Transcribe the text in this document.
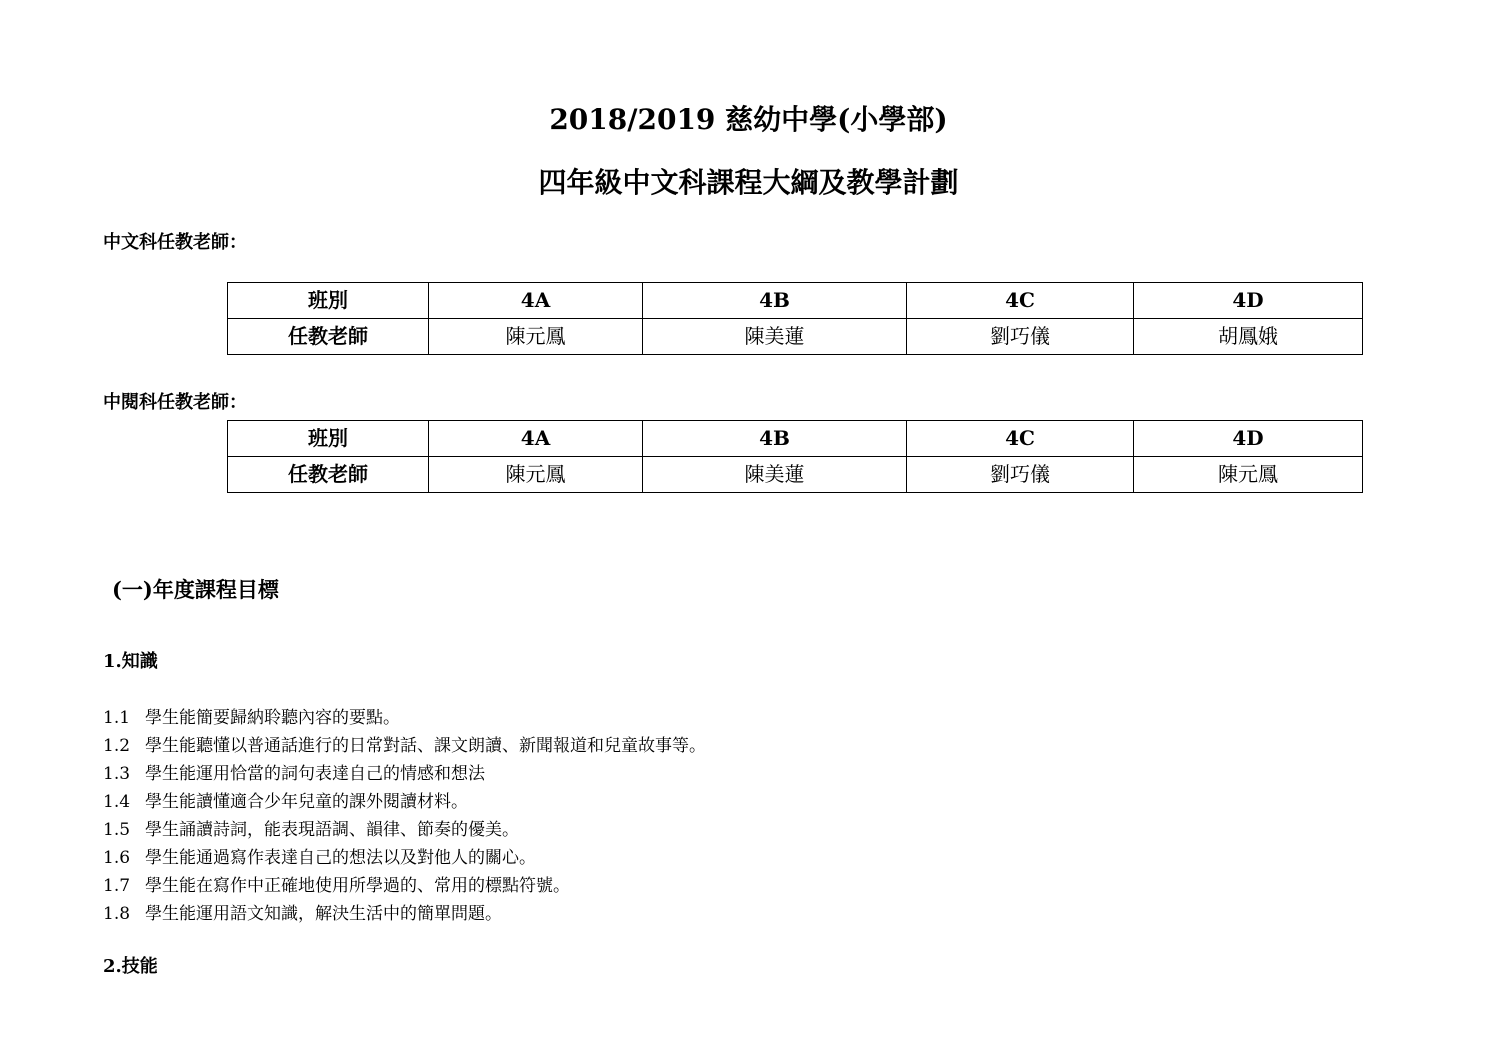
2018/2019 慈幼中學(小學部)
四年級中文科課程大綱及教學計劃

中文科任教老師：

班別	4A	4B	4C	4D
任教老師	陳元鳳	陳美蓮	劉巧儀	胡鳳娥

中閱科任教老師：

班別	4A	4B	4C	4D
任教老師	陳元鳳	陳美蓮	劉巧儀	陳元鳳
(一)年度課程目標

1.知識

1.1 學生能簡要歸納聆聽內容的要點。
1.2 學生能聽懂以普通話進行的日常對話、課文朗讀、新聞報道和兒童故事等。
1.3 學生能運用恰當的詞句表達自己的情感和想法
1.4 學生能讀懂適合少年兒童的課外閱讀材料。
1.5 學生誦讀詩詞，能表現語調、韻律、節奏的優美。
1.6 學生能通過寫作表達自己的想法以及對他人的關心。
1.7 學生能在寫作中正確地使用所學過的、常用的標點符號。
1.8 學生能運用語文知識，解決生活中的簡單問題。

2.技能
